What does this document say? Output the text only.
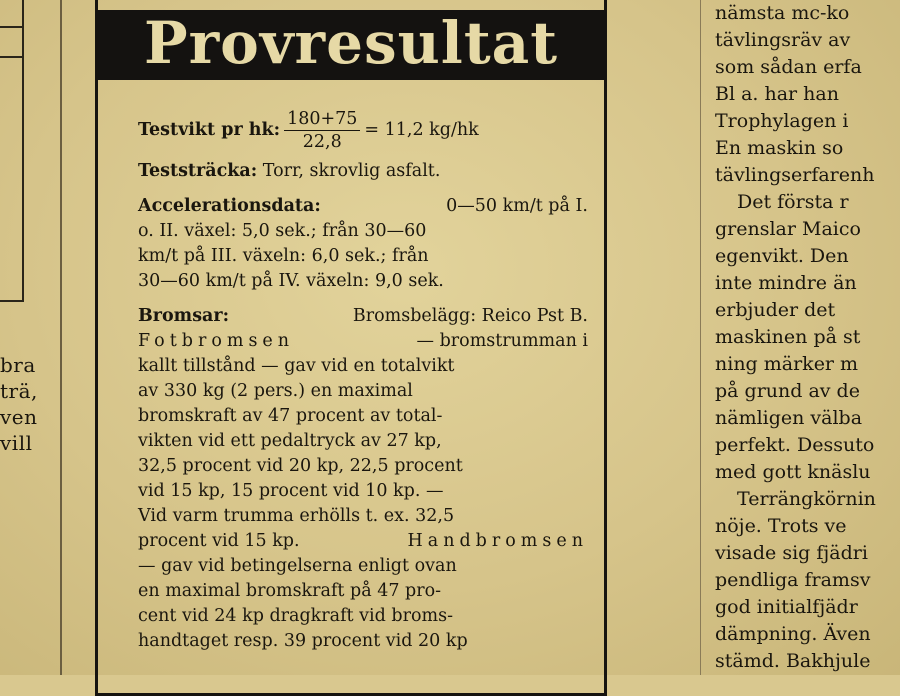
bra
trä,
ven
vill
Provresultat
Testvikt pr hk: $\frac{180+75}{22,8} = 11,2$ kg/hk
Teststräcka: Torr, skrovlig asfalt.
Accelerationsdata:	0—50 km/t på I.
o. II. växel: 5,0 sek.; från 30—60
km/t på III. växeln: 6,0 sek.; från
30—60 km/t på IV. växeln: 9,0 sek.
Bromsar:	Bromsbelägg: Reico Pst B.
Fotbromsen	— bromstrumman i
kallt tillstånd — gav vid en totalvikt
av 330 kg (2 pers.) en maximal
bromskraft av 47 procent av total-
vikten vid ett pedaltryck av 27 kp,
32,5 procent vid 20 kp, 22,5 procent
vid 15 kp, 15 procent vid 10 kp. —
Vid varm trumma erhölls t. ex. 32,5
procent vid 15 kp.	Handbromsen
— gav vid betingelserna enligt ovan
en maximal bromskraft på 47 pro-
cent vid 24 kp dragkraft vid broms-
handtaget resp. 39 procent vid 20 kp
nämsta mc-ko
tävlingsräv av
som sådan erfa
Bl a. har han
Trophylagen i
En maskin so
tävlingserfarenh
Det första r
grenslar Maico
egenvikt. Den
inte mindre än
erbjuder det
maskinen på st
ning märker m
på grund av de
nämligen välba
perfekt. Dessuto
med gott knäslu
Terrängkörnin
nöje. Trots ve
visade sig fjädri
pendliga framsv
god initialfjädr
dämpning. Även
stämd. Bakhjule
